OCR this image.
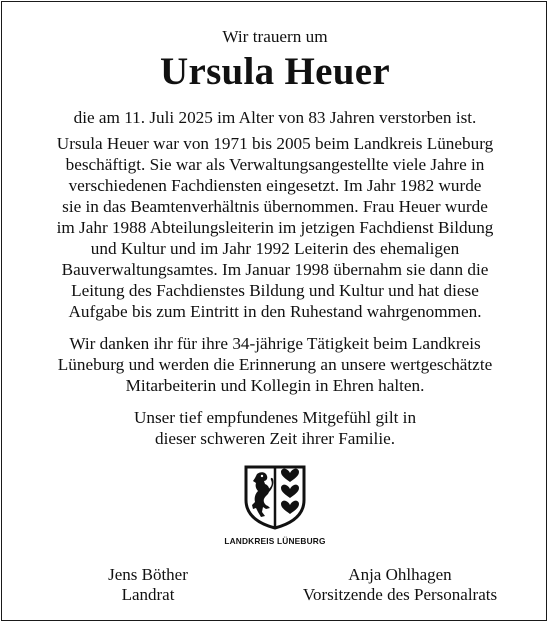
Wir trauern um
Ursula Heuer
die am 11. Juli 2025 im Alter von 83 Jahren verstorben ist.
Ursula Heuer war von 1971 bis 2005 beim Landkreis Lüneburg
beschäftigt. Sie war als Verwaltungsangestellte viele Jahre in
verschiedenen Fachdiensten eingesetzt. Im Jahr 1982 wurde
sie in das Beamtenverhältnis übernommen. Frau Heuer wurde
im Jahr 1988 Abteilungsleiterin im jetzigen Fachdienst Bildung
und Kultur und im Jahr 1992 Leiterin des ehemaligen
Bauverwaltungsamtes. Im Januar 1998 übernahm sie dann die
Leitung des Fachdienstes Bildung und Kultur und hat diese
Aufgabe bis zum Eintritt in den Ruhestand wahrgenommen.
Wir danken ihr für ihre 34-jährige Tätigkeit beim Landkreis
Lüneburg und werden die Erinnerung an unsere wertgeschätzte
Mitarbeiterin und Kollegin in Ehren halten.
Unser tief empfundenes Mitgefühl gilt in
dieser schweren Zeit ihrer Familie.
LANDKREIS LÜNEBURG
Jens Böther
Landrat
Anja Ohlhagen
Vorsitzende des Personalrats
